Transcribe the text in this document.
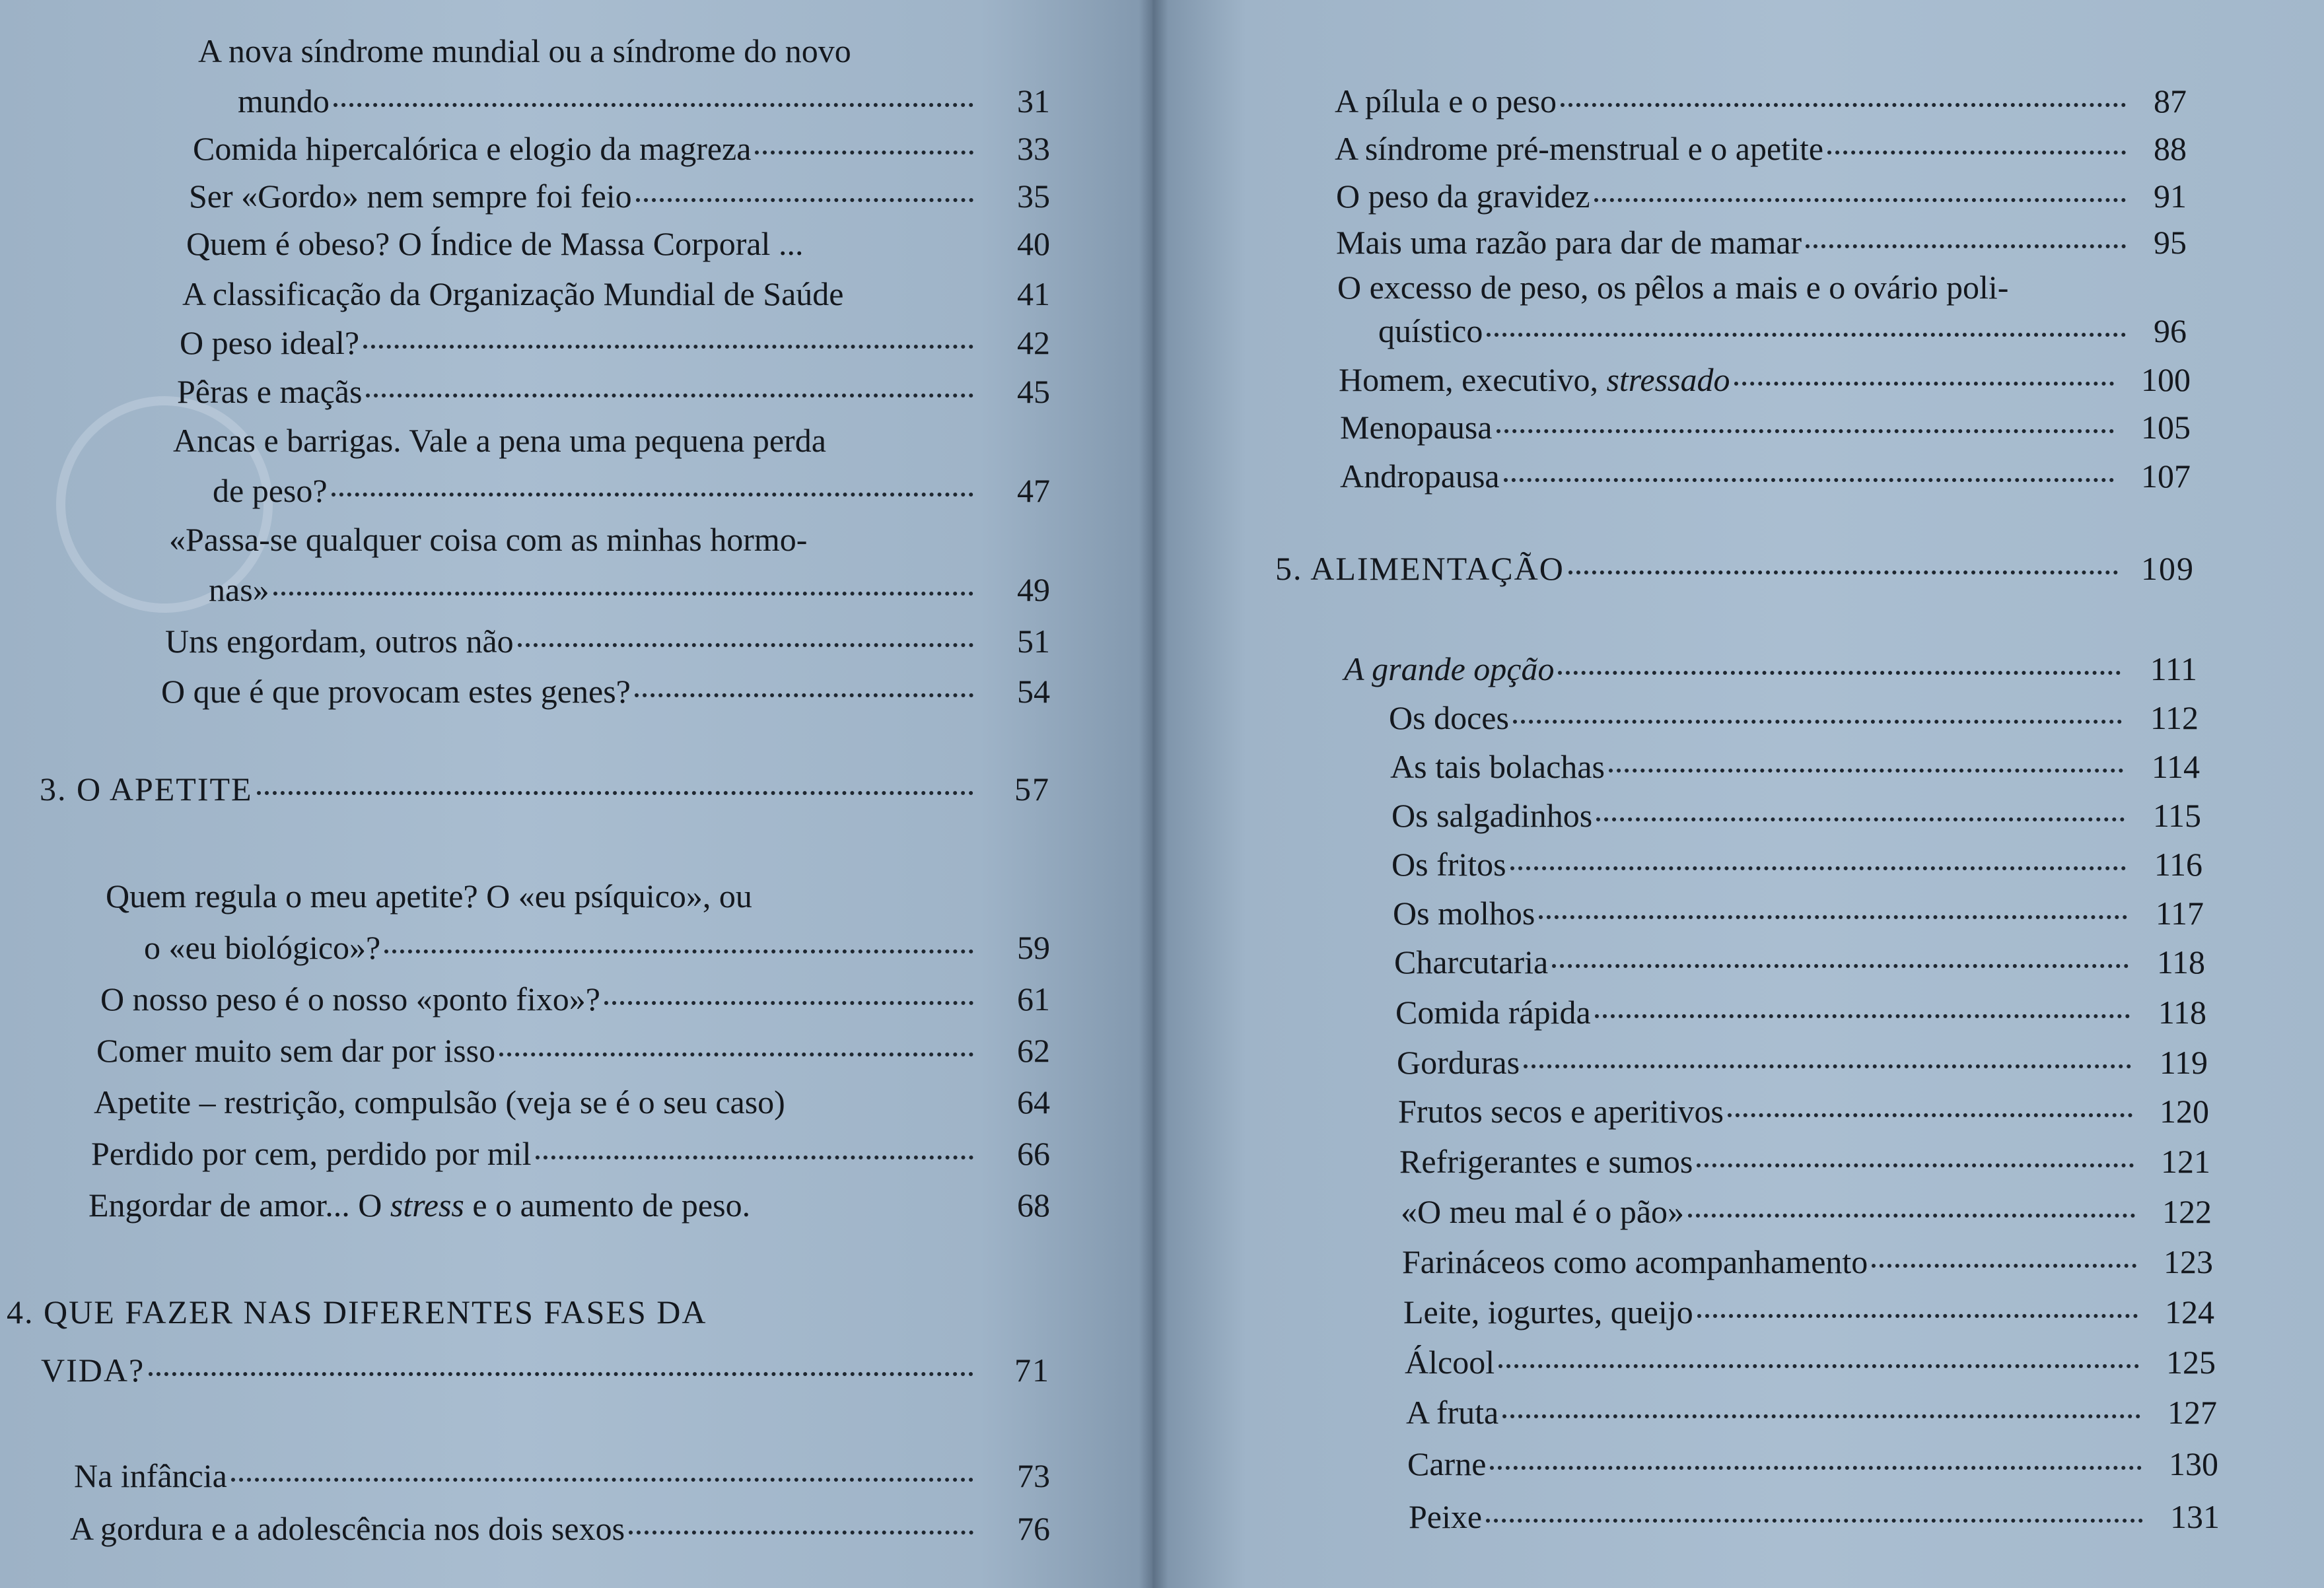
A nova síndrome mundial ou a síndrome do novo
mundo	31
Comida hipercalórica e elogio da magreza	33
Ser «Gordo» nem sempre foi feio	35
Quem é obeso? O Índice de Massa Corporal ...	40
A classificação da Organização Mundial de Saúde	41
O peso ideal?	42
Pêras e maçãs	45
Ancas e barrigas. Vale a pena uma pequena perda
de peso?	47
«Passa-se qualquer coisa com as minhas hormo-
nas»	49
Uns engordam, outros não	51
O que é que provocam estes genes?	54
3. O APETITE	57
Quem regula o meu apetite? O «eu psíquico», ou
o «eu biológico»?	59
O nosso peso é o nosso «ponto fixo»?	61
Comer muito sem dar por isso	62
Apetite – restrição, compulsão (veja se é o seu caso)	64
Perdido por cem, perdido por mil	66
Engordar de amor... O stress e o aumento de peso.	68
4. QUE FAZER NAS DIFERENTES FASES DA
VIDA?	71
Na infância	73
A gordura e a adolescência nos dois sexos	76
A pílula e o peso	87
A síndrome pré-menstrual e o apetite	88
O peso da gravidez	91
Mais uma razão para dar de mamar	95
O excesso de peso, os pêlos a mais e o ovário poli-
quístico	96
Homem, executivo, stressado	100
Menopausa	105
Andropausa	107
5. ALIMENTAÇÃO	109
A grande opção	111
Os doces	112
As tais bolachas	114
Os salgadinhos	115
Os fritos	116
Os molhos	117
Charcutaria	118
Comida rápida	118
Gorduras	119
Frutos secos e aperitivos	120
Refrigerantes e sumos	121
«O meu mal é o pão»	122
Farináceos como acompanhamento	123
Leite, iogurtes, queijo	124
Álcool	125
A fruta	127
Carne	130
Peixe	131
